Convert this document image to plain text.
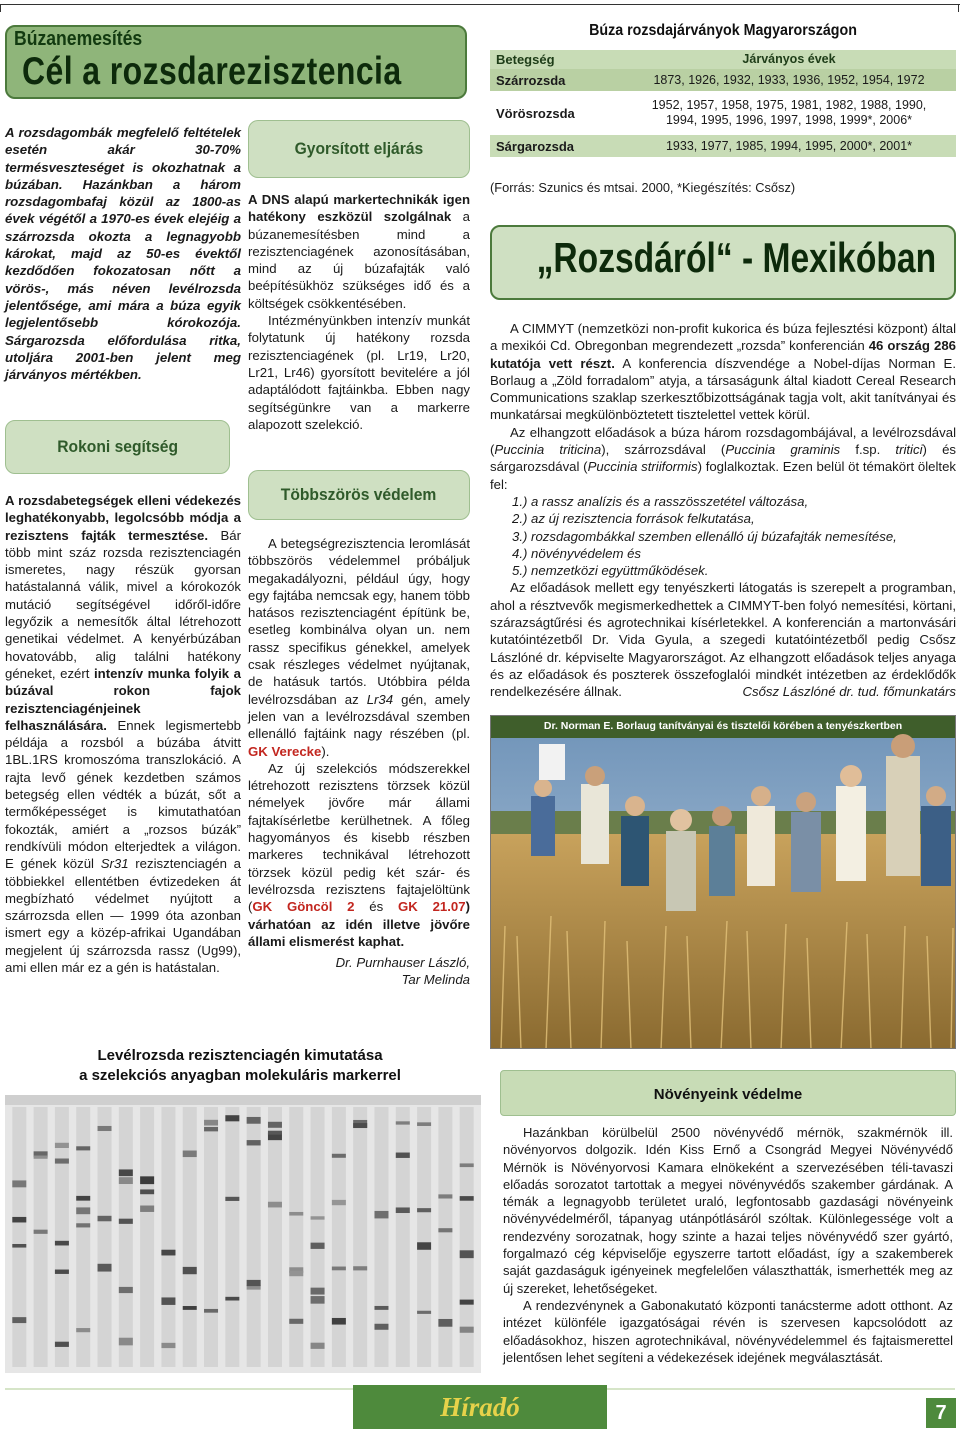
Búzanemesítés
Cél a rozsdarezisztencia
A rozsdagombák megfelelő feltételek esetén akár 30-70% termésveszteséget is okozhatnak a búzában. Hazánkban a három rozsdagombafaj közül az 1800-as évek végétől a 1970-es évek elejéig a szárrozsda okozta a legnagyobb károkat, majd az 50-es évektől kezdődően fokozatosan nőtt a vörös-, más néven levélrozsda jelentősége, ami mára a búza egyik legjelentősebb kórokozója. Sárgarozsda előfordulása ritka, utoljára 2001-ben jelent meg járványos mértékben.
Rokoni segítség
A rozsdabetegségek elleni védekezés leghatékonyabb, legolcsóbb módja a rezisztens fajták termesztése. Bár több mint száz rozsda rezisztenciagén ismeretes, nagy részük gyorsan hatástalanná válik, mivel a kórokozók mutáció segítségével időről-időre legyőzik a nemesítők által létrehozott genetikai védelmet. A kenyérbúzában hovatovább, alig találni hatékony géneket, ezért intenzív munka folyik a búzával rokon fajok rezisztenciagénjeinek felhasználására. Ennek legismertebb példája a rozsból a búzába átvitt 1BL.1RS kromoszóma transzlokáció. A rajta levő gének kezdetben számos betegség ellen védték a búzát, sőt a termőképességet is kimutathatóan fokozták, amiért a „rozsos búzák” rendkívüli módon elterjedtek a világon. E gének közül Sr31 rezisztenciagén a többiekkel ellentétben évtizedeken át megbízható védelmet nyújtott a szárrozsda ellen — 1999 óta azonban ismert egy a közép-afrikai Ugandában megjelent új szárrozsda rassz (Ug99), ami ellen már ez a gén is hatástalan.
Gyorsított eljárás
A DNS alapú markertechnikák igen hatékony eszközül szolgálnak a búzanemesítésben mind a rezisztenciagének azonosításában, mind az új búzafajták való beépítésükhöz szükséges idő és a költségek csökkentésében.
Intézményünkben intenzív munkát folytatunk új hatékony rozsda rezisztenciagének (pl. Lr19, Lr20, Lr21, Lr46) gyorsított bevitelére a jól adaptálódott fajtáinkba. Ebben nagy segítségünkre van a markerre alapozott szelekció.
Többszörös védelem
A betegségrezisztencia leromlását többszörös védelemmel próbáljuk megakadályozni, például úgy, hogy egy fajtába nemcsak egy, hanem több hatásos rezisztenciagént építünk be, esetleg kombinálva olyan un. nem rassz specifikus génekkel, amelyek csak részleges védelmet nyújtanak, de hatásuk tartós. Utóbbira példa levélrozsdában az Lr34 gén, amely jelen van a levélrozsdával szemben ellenálló fajtáink nagy részében (pl. GK Verecke).
Az új szelekciós módszerekkel létrehozott rezisztens törzsek közül némelyek jövőre már állami fajtakísérletbe kerülhetnek. A főleg hagyományos és kisebb részben markeres technikával létrehozott törzsek közül pedig két szár- és levélrozsda rezisztens fajtajelöltünk (GK Göncöl 2 és GK 21.07) várhatóan az idén illetve jövőre állami elismerést kaphat.
Dr. Purnhauser László,
Tar Melinda
Búza rozsdajárványok Magyarországon
Betegség	Járványos évek
Szárrozsda	1873, 1926, 1932, 1933, 1936, 1952, 1954, 1972
Vörösrozsda	1952, 1957, 1958, 1975, 1981, 1982, 1988, 1990,
1994, 1995, 1996, 1997, 1998, 1999*, 2006*

Sárgarozsda	1933, 1977, 1985, 1994, 1995, 2000*, 2001*
(Forrás: Szunics és mtsai. 2000, *Kiegészítés: Csősz)
„Rozsdáról“ - Mexikóban

A CIMMYT (nemzetközi non-profit kukorica és búza fejlesztési központ) által a mexikói Cd. Obregonban megrendezett „rozsda” konferencián 46 ország 286 kutatója vett részt. A konferencia díszvendége a Nobel-díjas Norman E. Borlaug a „Zöld forradalom” atyja, a társaságunk által kiadott Cereal Research Communications szaklap szerkesztőbizottságának tagja volt, akit tanítványai és munkatársai megkülönböztetett tisztelettel vettek körül.

Az elhangzott előadások a búza három rozsdagombájával, a levélrozsdával (Puccinia triticina), szárrozsdával (Puccinia graminis f.sp. tritici) és sárgarozsdával (Puccinia striiformis) foglalkoztak. Ezen belül öt témakört öleltek fel:

1.) a rassz analízis és a rasszösszetétel változása,
2.) az új rezisztencia források felkutatása,
3.) rozsdagombákkal szemben ellenálló új búzafajták nemesítése,
4.) növényvédelem és
5.) nemzetközi együttműködések.

Az előadások mellett egy tenyészkerti látogatás is szerepelt a programban, ahol a résztvevők megismerkedhettek a CIMMYT-ben folyó nemesítési, körtani, szárazságtűrési és agrotechnikai kísérletekkel. A konferencián a martonvásári kutatóintézetből Dr. Vida Gyula, a szegedi kutatóintézetből pedig Csősz Lászlóné dr. képviselte Magyarországot. Az elhangzott előadások teljes anyaga és az előadások és poszterek összefoglalói mindkét intézetben az érdeklődők rendelkezésére állnak.	Csősz Lászlóné dr. tud. főmunkatárs

Dr. Norman E. Borlaug tanítványai és tisztelői körében a tenyészkertben
Levélrozsda rezisztenciagén kimutatása
a szelekciós anyagban molekuláris markerrel
Növényeink védelme

Hazánkban körülbelül 2500 növényvédő mérnök, szakmérnök ill. növényorvos dolgozik. Idén Kiss Ernő a Csongrád Megyei Növényvédő Mérnök is Növényorvosi Kamara elnökeként a szervezésében téli-tavaszi előadás sorozatot tartottak a megyei növényvédős szakember gárdának. A témák a legnagyobb területet uraló, legfontosabb gazdasági növényeink növényvédelméről, tápanyag utánpótlásáról szóltak. Különlegessége volt a rendezvény sorozatnak, hogy szinte a hazai teljes növényvédő szer gyártó, forgalmazó cég képviselője egyszerre tartott előadást, így a szakemberek saját gazdaságuk igényeinek megfelelően választhatták, ismerhették meg az új szereket, lehetőségeket.

A rendezvénynek a Gabonakutató központi tanácsterme adott otthont. Az intézet különféle igazgatóságai révén is szervesen kapcsolódott az előadásokhoz, hiszen agrotechnikával, növényvédelemmel és fajtaismerettel jelentősen lehet segíteni a védekezések idejének megválasztását.

Híradó	7
